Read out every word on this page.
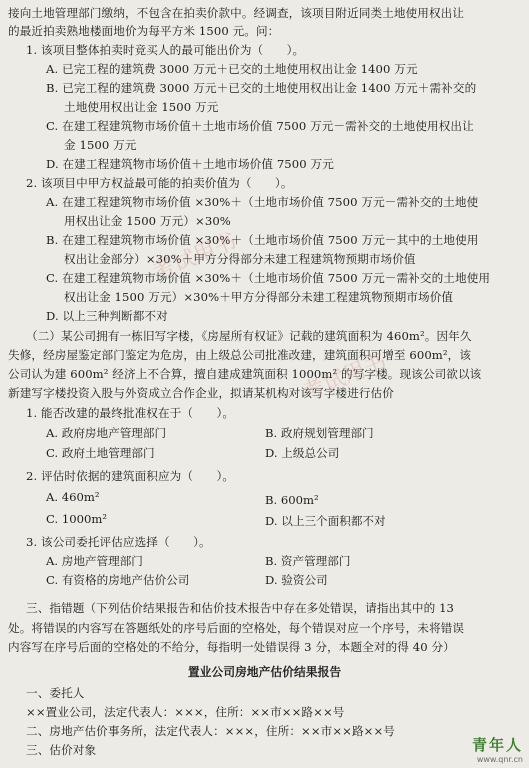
接向土地管理部门缴纳，不包含在拍卖价款中。经调查，该项目附近同类土地使用权出让
的最近拍卖熟地楼面地价为每平方米 1500 元。问：
1. 该项目整体拍卖时竞买人的最可能出价为（　　）。
A. 已完工程的建筑费 3000 万元＋已交的土地使用权出让金 1400 万元
B. 已完工程的建筑费 3000 万元＋已交的土地使用权出让金 1400 万元＋需补交的
土地使用权出让金 1500 万元
C. 在建工程建筑物市场价值＋土地市场价值 7500 万元－需补交的土地使用权出让
金 1500 万元
D. 在建工程建筑物市场价值＋土地市场价值 7500 万元
2. 该项目中甲方权益最可能的拍卖价值为（　　）。
A. 在建工程建筑物市场价值 ×30%＋（土地市场价值 7500 万元－需补交的土地使
用权出让金 1500 万元）×30%
B. 在建工程建筑物市场价值 ×30%＋（土地市场价值 7500 万元－其中的土地使用
权出让金部分）×30%＋甲方分得部分未建工程建筑物预期市场价值
C. 在建工程建筑物市场价值 ×30%＋（土地市场价值 7500 万元－需补交的土地使用
权出让金 1500 万元）×30%＋甲方分得部分未建工程建筑物预期市场价值
D. 以上三种判断都不对
（二）某公司拥有一栋旧写字楼，《房屋所有权证》记载的建筑面积为 460m²。因年久
失修，经房屋鉴定部门鉴定为危房，由上级总公司批准改建，建筑面积可增至 600m²，该
公司认为建 600m² 经济上不合算，擅自建成建筑面积 1000m² 的写字楼。现该公司欲以该
新建写字楼投资入股与外资成立合作企业，拟请某机构对该写字楼进行估价
1. 能否改建的最终批准权在于（　　）。
A. 政府房地产管理部门	B. 政府规划管理部门
C. 政府土地管理部门	D. 上级总公司
2. 评估时依据的建筑面积应为（　　）。
A. 460m²	B. 600m²
C. 1000m²	D. 以上三个面积都不对
3. 该公司委托评估应选择（　　）。
A. 房地产管理部门	B. 资产管理部门
C. 有资格的房地产估价公司	D. 验资公司
三、指错题（下列估价结果报告和估价技术报告中存在多处错误，请指出其中的 13
处。将错误的内容写在答题纸处的序号后面的空格处，每个错误对应一个序号，未将错误
内容写在序号后面的空格处的不给分，每指明一处错误得 3 分，本题全对的得 40 分）
置业公司房地产估价结果报告
一、委托人
××置业公司，法定代表人：×××，住所：××市××路××号
二、房地产估价事务所，法定代表人：×××，住所：××市××路××号
三、估价对象
考试用书
考试用书
青年人
www.qnr.cn
